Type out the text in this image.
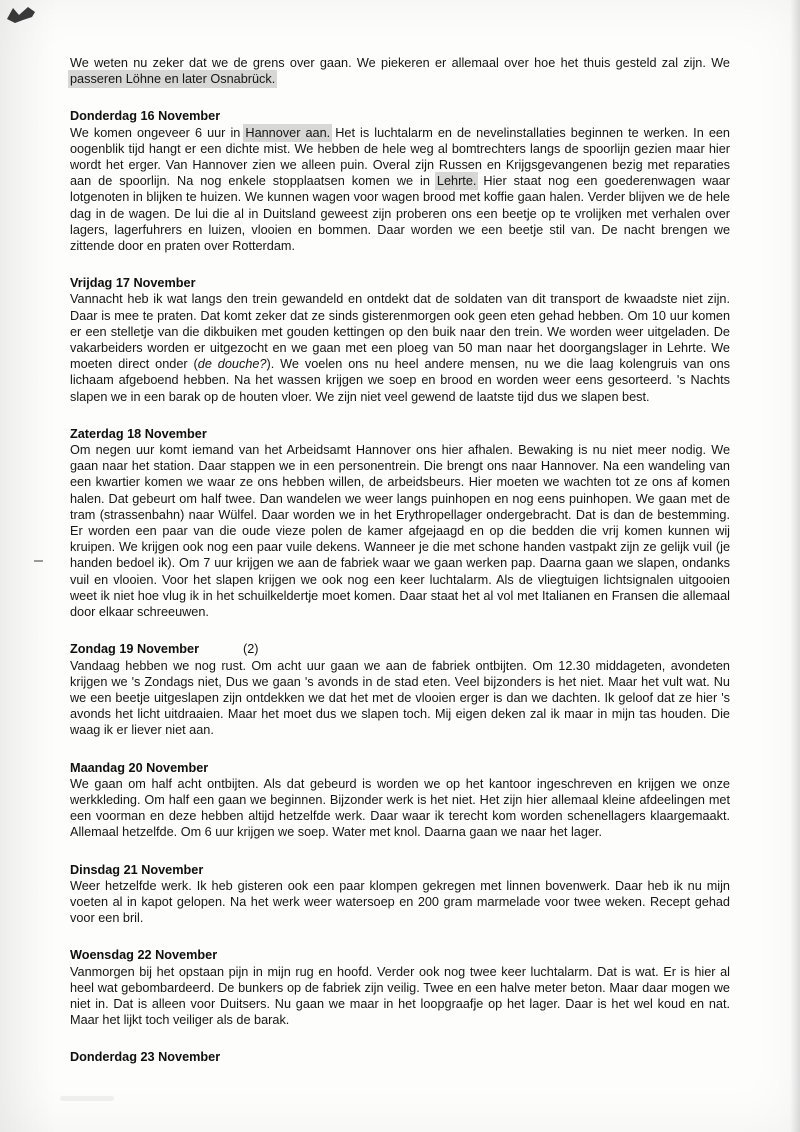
We weten nu zeker dat we de grens over gaan. We piekeren er allemaal over hoe het thuis gesteld zal zijn. We passeren Löhne en later Osnabrück.

Donderdag 16 November

We komen ongeveer 6 uur in Hannover aan. Het is luchtalarm en de nevelinstallaties beginnen te werken. In een oogenblik tijd hangt er een dichte mist. We hebben de hele weg al bomtrechters langs de spoorlijn gezien maar hier wordt het erger. Van Hannover zien we alleen puin. Overal zijn Russen en Krijgsgevangenen bezig met reparaties aan de spoorlijn. Na nog enkele stopplaatsen komen we in Lehrte. Hier staat nog een goederenwagen waar lotgenoten in blijken te huizen. We kunnen wagen voor wagen brood met koffie gaan halen. Verder blijven we de hele dag in de wagen. De lui die al in Duitsland geweest zijn proberen ons een beetje op te vrolijken met verhalen over lagers, lagerfuhrers en luizen, vlooien en bommen. Daar worden we een beetje stil van. De nacht brengen we zittende door en praten over Rotterdam.

Vrijdag 17 November

Vannacht heb ik wat langs den trein gewandeld en ontdekt dat de soldaten van dit transport de kwaadste niet zijn. Daar is mee te praten. Dat komt zeker dat ze sinds gisterenmorgen ook geen eten gehad hebben. Om 10 uur komen er een stelletje van die dikbuiken met gouden kettingen op den buik naar den trein. We worden weer uitgeladen. De vakarbeiders worden er uitgezocht en we gaan met een ploeg van 50 man naar het doorgangslager in Lehrte. We moeten direct onder (de douche?). We voelen ons nu heel andere mensen, nu we die laag kolengruis van ons lichaam afgeboend hebben. Na het wassen krijgen we soep en brood en worden weer eens gesorteerd. 's Nachts slapen we in een barak op de houten vloer. We zijn niet veel gewend de laatste tijd dus we slapen best.

Zaterdag 18 November

Om negen uur komt iemand van het Arbeidsamt Hannover ons hier afhalen. Bewaking is nu niet meer nodig. We gaan naar het station. Daar stappen we in een personentrein. Die brengt ons naar Hannover. Na een wandeling van een kwartier komen we waar ze ons hebben willen, de arbeidsbeurs. Hier moeten we wachten tot ze ons af komen halen. Dat gebeurt om half twee. Dan wandelen we weer langs puinhopen en nog eens puinhopen. We gaan met de tram (strassenbahn) naar Wülfel. Daar worden we in het Erythropellager ondergebracht. Dat is dan de bestemming. Er worden een paar van die oude vieze polen de kamer afgejaagd en op die bedden die vrij komen kunnen wij kruipen. We krijgen ook nog een paar vuile dekens. Wanneer je die met schone handen vastpakt zijn ze gelijk vuil (je handen bedoel ik). Om 7 uur krijgen we aan de fabriek waar we gaan werken pap. Daarna gaan we slapen, ondanks vuil en vlooien. Voor het slapen krijgen we ook nog een keer luchtalarm. Als de vliegtuigen lichtsignalen uitgooien weet ik niet hoe vlug ik in het schuilkeldertje moet komen. Daar staat het al vol met Italianen en Fransen die allemaal door elkaar schreeuwen.

Zondag 19 November	(2)

Vandaag hebben we nog rust. Om acht uur gaan we aan de fabriek ontbijten. Om 12.30 middageten, avondeten krijgen we 's Zondags niet, Dus we gaan 's avonds in de stad eten. Veel bijzonders is het niet. Maar het vult wat. Nu we een beetje uitgeslapen zijn ontdekken we dat het met de vlooien erger is dan we dachten. Ik geloof dat ze hier 's avonds het licht uitdraaien. Maar het moet dus we slapen toch. Mij eigen deken zal ik maar in mijn tas houden. Die waag ik er liever niet aan.

Maandag 20 November

We gaan om half acht ontbijten. Als dat gebeurd is worden we op het kantoor ingeschreven en krijgen we onze werkkleding. Om half een gaan we beginnen. Bijzonder werk is het niet. Het zijn hier allemaal kleine afdeelingen met een voorman en deze hebben altijd hetzelfde werk. Daar waar ik terecht kom worden schenellagers klaargemaakt. Allemaal hetzelfde. Om 6 uur krijgen we soep. Water met knol. Daarna gaan we naar het lager.

Dinsdag 21 November

Weer hetzelfde werk. Ik heb gisteren ook een paar klompen gekregen met linnen bovenwerk. Daar heb ik nu mijn voeten al in kapot gelopen. Na het werk weer watersoep en 200 gram marmelade voor twee weken. Recept gehad voor een bril.

Woensdag 22 November

Vanmorgen bij het opstaan pijn in mijn rug en hoofd. Verder ook nog twee keer luchtalarm. Dat is wat. Er is hier al heel wat gebombardeerd. De bunkers op de fabriek zijn veilig. Twee en een halve meter beton. Maar daar mogen we niet in. Dat is alleen voor Duitsers. Nu gaan we maar in het loopgraafje op het lager. Daar is het wel koud en nat. Maar het lijkt toch veiliger als de barak.

Donderdag 23 November
